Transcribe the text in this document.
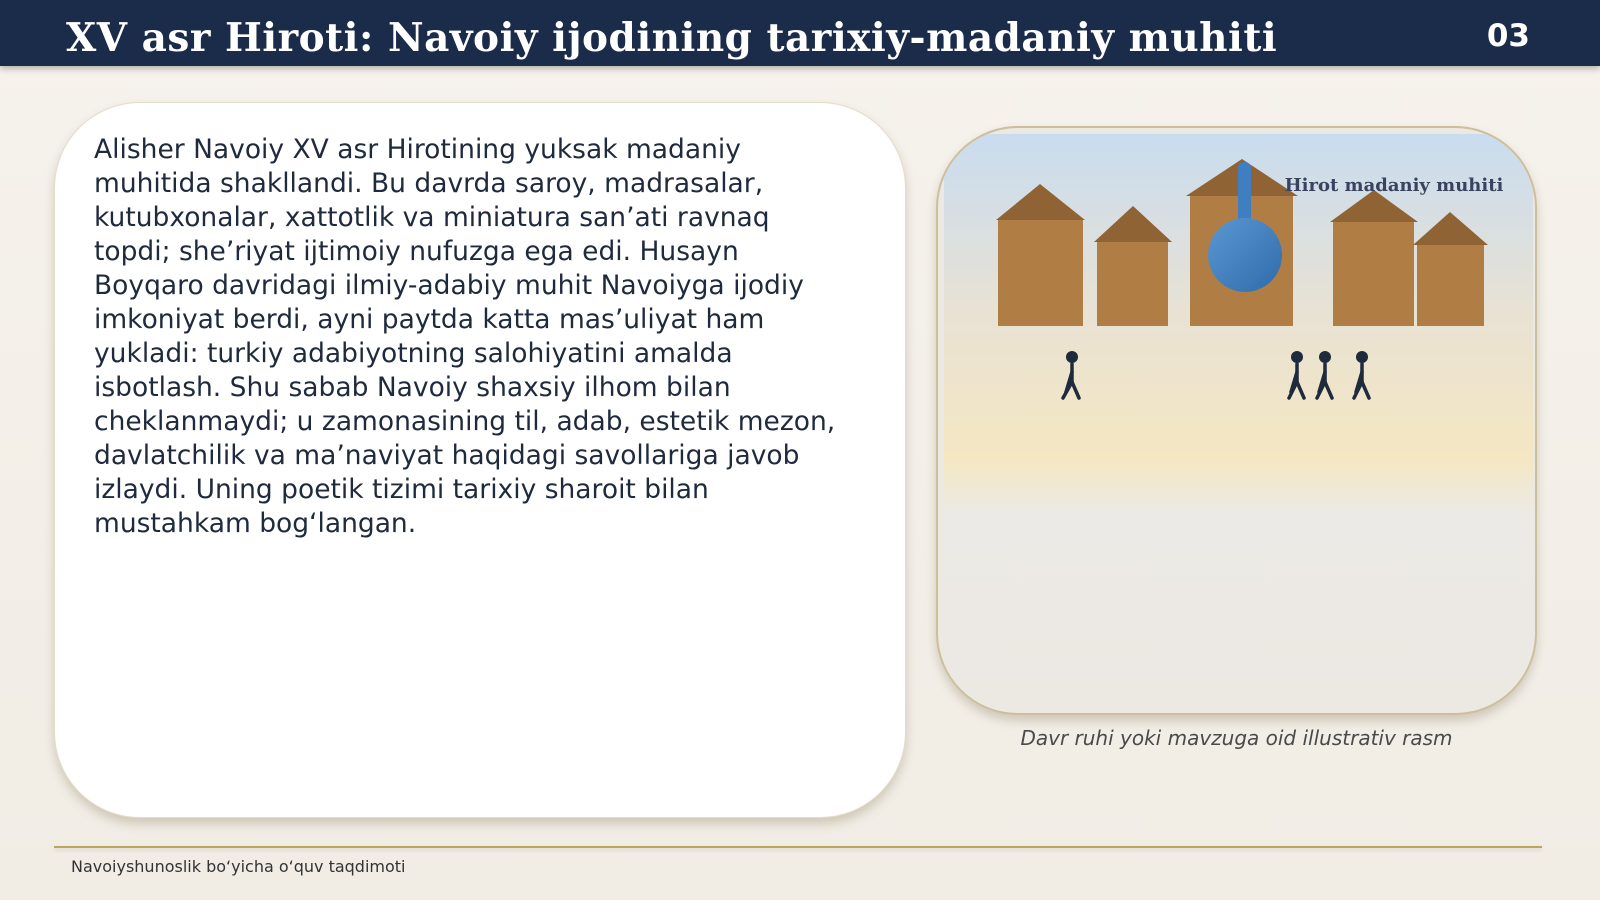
XV asr Hiroti: Navoiy ijodining tarixiy-madaniy muhiti	03

Alisher Navoiy XV asr Hirotining yuksak madaniy muhitida shakllandi. Bu davrda saroy, madrasalar, kutubxonalar, xattotlik va miniatura san’ati ravnaq topdi; she’riyat ijtimoiy nufuzga ega edi. Husayn Boyqaro davridagi ilmiy-adabiy muhit Navoiyga ijodiy imkoniyat berdi, ayni paytda katta mas’uliyat ham yukladi: turkiy adabiyotning salohiyatini amalda isbotlash. Shu sabab Navoiy shaxsiy ilhom bilan cheklanmaydi; u zamonasining til, adab, estetik mezon, davlatchilik va ma’naviyat haqidagi savollariga javob izlaydi. Uning poetik tizimi tarixiy sharoit bilan mustahkam bog‘langan.

Hirot madaniy muhiti

Davr ruhi yoki mavzuga oid illustrativ rasm

Navoiyshunoslik bo‘yicha o‘quv taqdimoti
